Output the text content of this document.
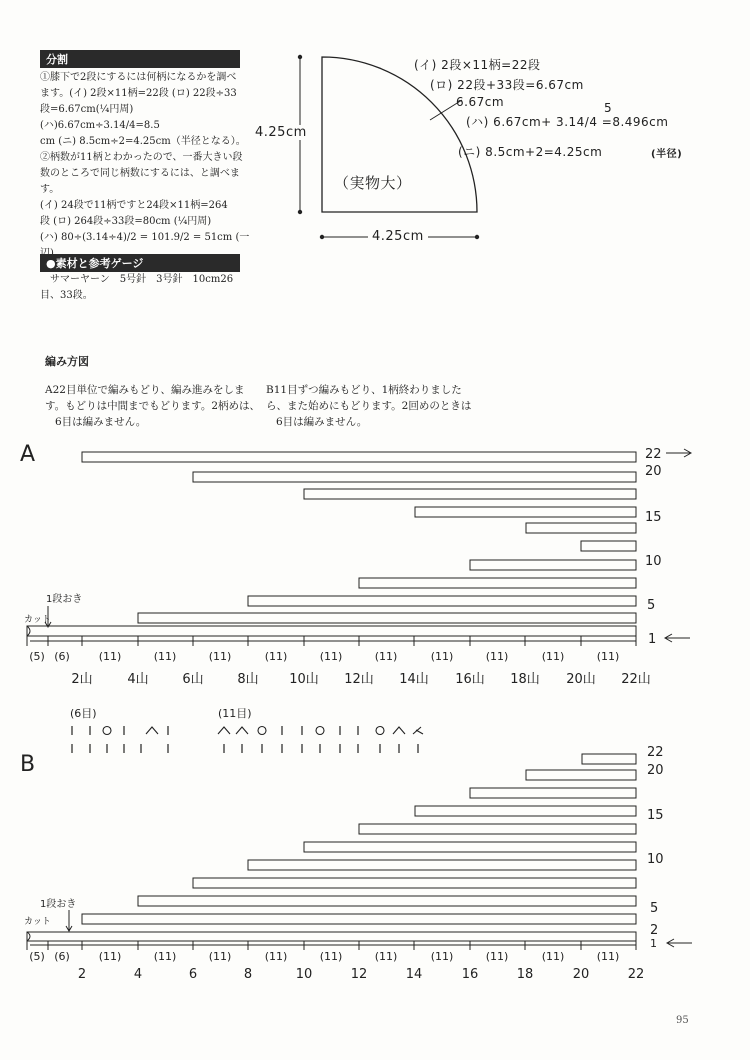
分割
①膝下で2段にするには何柄になるかを調べ
ます。(イ) 2段×11柄=22段 (ロ) 22段÷33
段=6.67cm(¼円周) (ハ)6.67cm÷3.14/4=8.5
cm (ニ) 8.5cm÷2=4.25cm（半径となる）。
②柄数が11柄とわかったので、一番大きい段
数のところで同じ柄数にするには、と調べます。
(イ) 24段で11柄ですと24段×11柄=264
段 (ロ) 264段÷33段=80cm (¼円周)
(ハ) 80÷(3.14÷4)/2 = 101.9/2 = 51cm (一
●素材と参考ゲージ
サマーヤーン　5号針　3号針　10cm26
目、33段。
4.25cm
4.25cm
（実物大）
6.67cm
(イ) 2段×11柄=22段
(ロ) 22段+33段=6.67cm
5
(ハ) 6.67cm+ 3.14/4 =8.496cm
(ニ) 8.5cm+2=4.25cm	(半径)
編み方図
A22目単位で編みもどり、編み進みをしま
す。もどりは中間までもどります。2柄めは、
6目は編みません。
B11目ずつ編みもどり、1柄終わりました
ら、また始めにもどります。2回めのときは
6目は編みません。
A	22
20
15
10
5
1
1段おき
カット
(5) (6)	(11)	(11)	(11)	(11)	(11)	(11)	(11)	(11)	(11)	(11)
2山	4山	6山	8山	10山	12山	14山	16山	18山	20山	22山
(6目)	(11目)
B	22
20
15
10
5
2
1
1段おき
カット
(5) (6)	(11)	(11)	(11)	(11)	(11)	(11)	(11)	(11)	(11)	(11)
2	4	6	8	10	12	14	16	18	20	22
95
